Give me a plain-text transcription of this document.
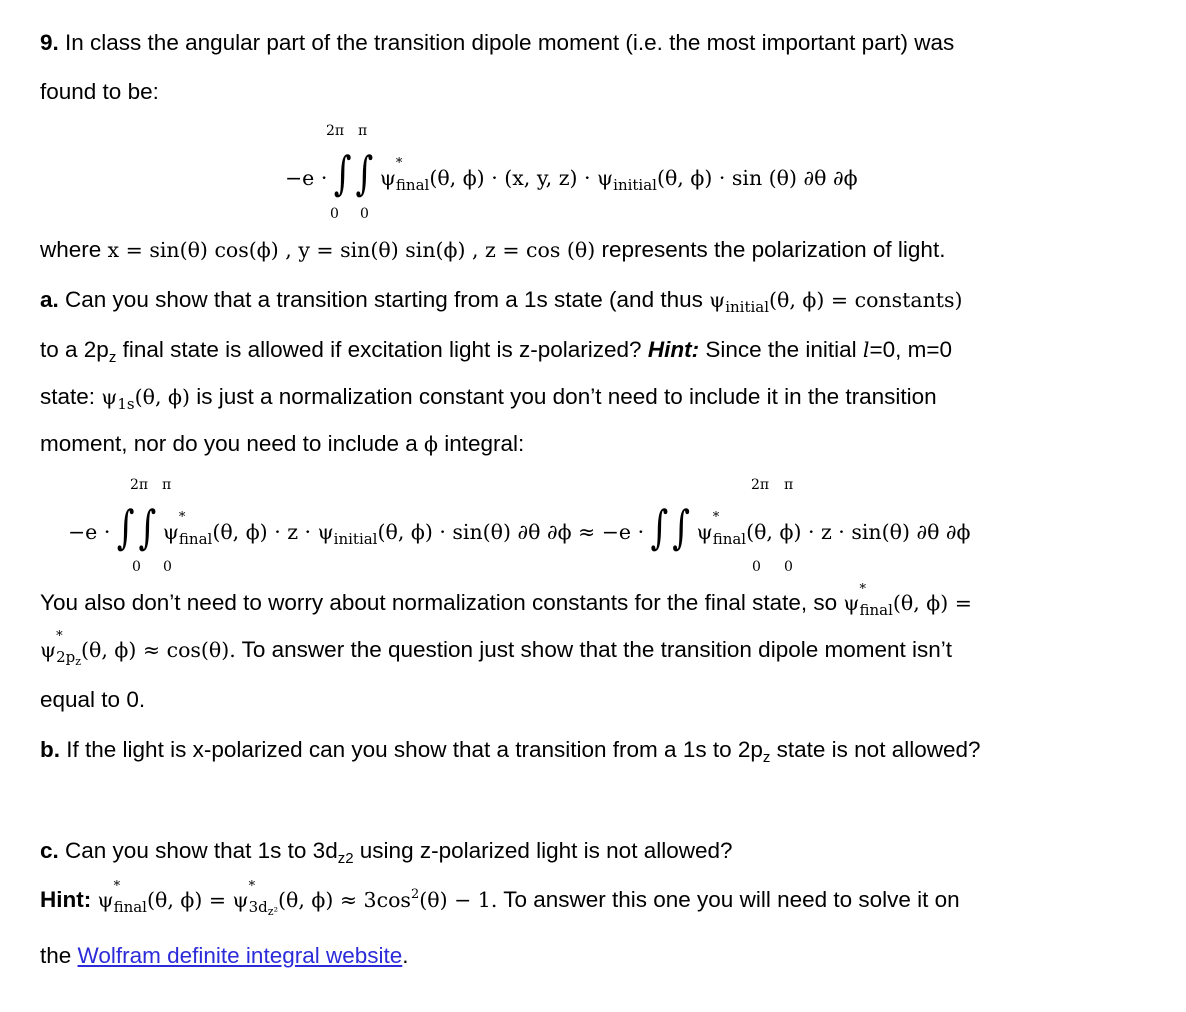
9. In class the angular part of the transition dipole moment (i.e. the most important part) was
found to be:
2π π
0 0
−e · ∫ ∫ ψ
*
$_{final}$(θ, ϕ) · (x, y, $z) \cdot \psi_{initial}(\theta$, ϕ) · sin (θ) ∂θ ∂ϕ
where x = sin(θ) cos(ϕ) , y = sin(θ) sin(ϕ) , z = cos (θ) represents the polarization of light.
a. Can you show that a transition starting from a 1s state (and thus $\psi_{initial}(\theta$, ϕ) = constants)
to a $2p_z$ final state is allowed if excitation light is z-polarized? Hint: Since the initial l=0, m=0
state: $\psi_{1s}(\theta$, ϕ) is just a normalization constant you don’t need to include it in the transition
moment, nor do you need to include a ϕ integral:
2π π
0 0
2π π
0 0
−e · ∫ ∫ ψ
*
$_{final}$(θ, $\phi) \cdot z \cdot \psi_{initial}(\theta$, ϕ) · sin(θ) ∂θ ∂ϕ ≈ −e · ∫ ∫ ψ
*
$_{final}$(θ, ϕ) · z · sin(θ) ∂θ ∂ϕ
You also don’t need to worry about normalization constants for the final state, so ψ
*
$_{final}$(θ, ϕ) =
ψ
*
$_{2pz}$(θ, ϕ) ≈ cos(θ). To answer the question just show that the transition dipole moment isn’t
equal to 0.
b. If the light is x-polarized can you show that a transition from a 1s to $2p_z$ state is not allowed?
c. Can you show that 1s to $3d_{z2}$ using z-polarized light is not allowed?
Hint: ψ
*
$_{final}$(θ, ϕ) = ψ
*
$_{3dz^2}$(θ, $\phi) \approx 3\cos^2(\theta) - 1$. To answer this one you will need to solve it on
the Wolfram definite integral website.
